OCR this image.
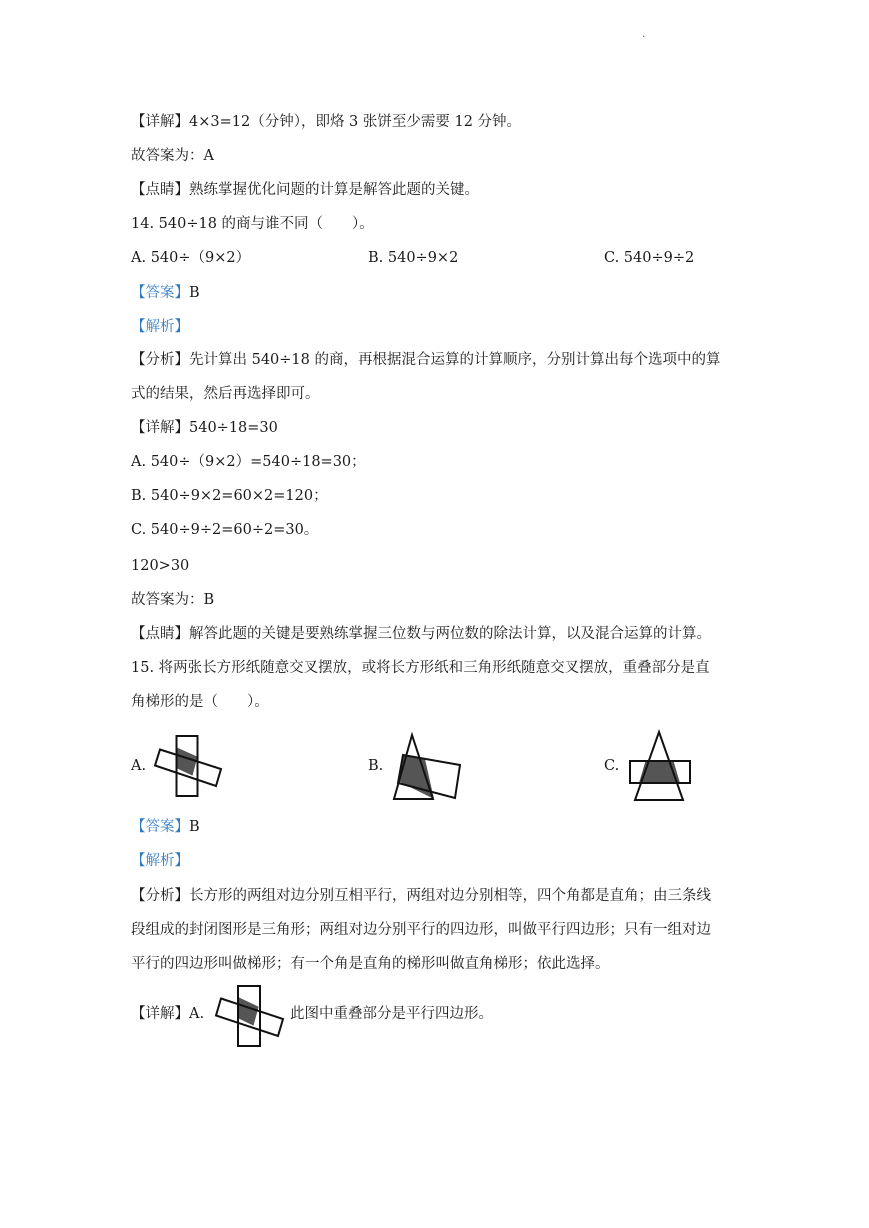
·
【详解】4×3=12（分钟），即烙 3 张饼至少需要 12 分钟。
故答案为：A
【点睛】熟练掌握优化问题的计算是解答此题的关键。
14. 540÷18 的商与谁不同（　　）。
A. 540÷（9×2）	B. 540÷9×2	C. 540÷9÷2
【答案】B
【解析】
【分析】先计算出 540÷18 的商，再根据混合运算的计算顺序，分别计算出每个选项中的算
式的结果，然后再选择即可。
【详解】540÷18=30
A. 540÷（9×2）=540÷18=30；
B. 540÷9×2=60×2=120；
C. 540÷9÷2=60÷2=30。
120>30
故答案为：B
【点睛】解答此题的关键是要熟练掌握三位数与两位数的除法计算，以及混合运算的计算。
15. 将两张长方形纸随意交叉摆放，或将长方形纸和三角形纸随意交叉摆放，重叠部分是直
角梯形的是（　　）。
A.	B.	C.
【答案】B
【解析】
【分析】长方形的两组对边分别互相平行，两组对边分别相等，四个角都是直角；由三条线
段组成的封闭图形是三角形；两组对边分别平行的四边形，叫做平行四边形；只有一组对边
平行的四边形叫做梯形；有一个角是直角的梯形叫做直角梯形；依此选择。
【详解】A.	此图中重叠部分是平行四边形。
